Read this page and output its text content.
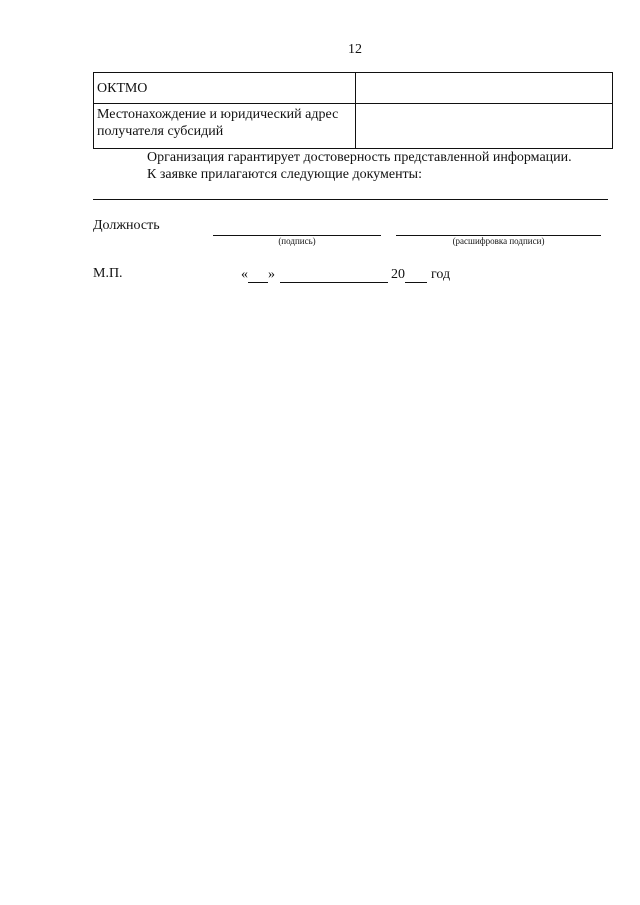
12
ОКТМО	
Местонахождение и юридический адрес получателя субсидий	
Организация гарантирует достоверность представленной информации.
К заявке прилагаются следующие документы:
Должность
(подпись)	(расшифровка подписи)
М.П.	« »	20 год
